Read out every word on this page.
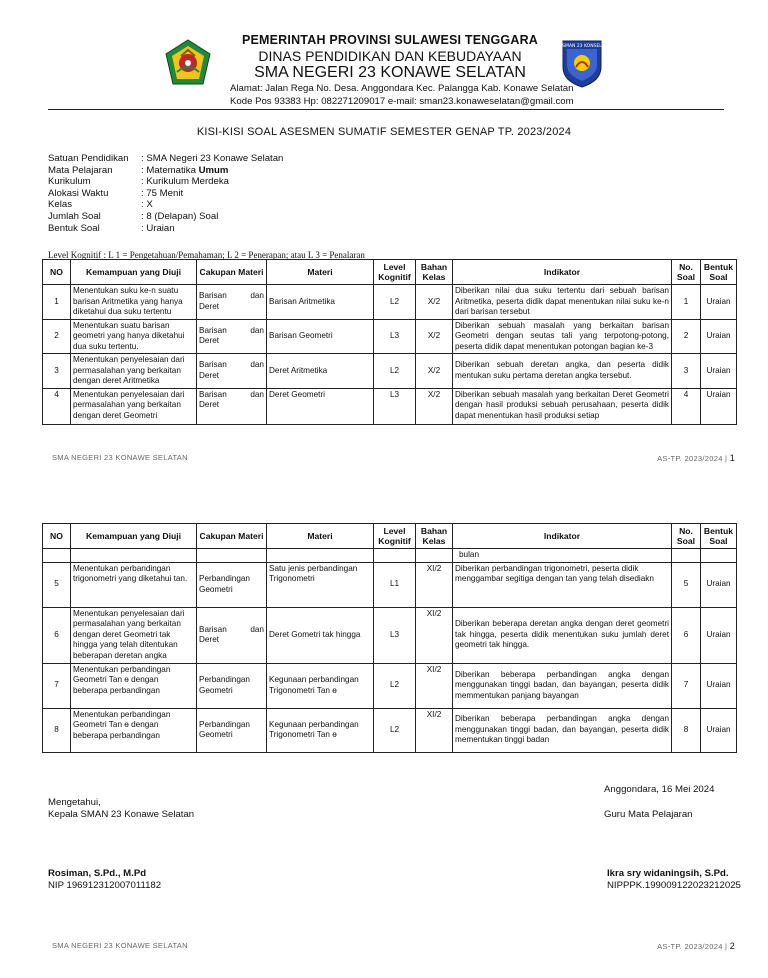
SMAN 23 KONSEL
PEMERINTAH PROVINSI SULAWESI TENGGARA
DINAS PENDIDIKAN DAN KEBUDAYAAN
SMA NEGERI 23 KONAWE SELATAN
Alamat: Jalan Rega No. Desa. Anggondara Kec. Palangga Kab. Konawe Selatan
Kode Pos 93383 Hp: 082271209017 e-mail: sman23.konaweselatan@gmail.com
KISI-KISI SOAL ASESMEN SUMATIF SEMESTER GENAP TP. 2023/2024
Satuan Pendidikan	: SMA Negeri 23 Konawe Selatan
Mata Pelajaran	: Matematika Umum
Kurikulum	: Kurikulum Merdeka
Alokasi Waktu	: 75 Menit
Kelas	: X
Jumlah Soal	: 8 (Delapan) Soal
Bentuk Soal	: Uraian
Level Kognitif : L 1 = Pengetahuan/Pemahaman; L 2 = Penerapan; atau L 3 = Penalaran
NO	Kemampuan yang Diuji	Cakupan Materi	Materi	Level Kognitif	Bahan Kelas	Indikator	No. Soal	Bentuk Soal
1	Menentukan suku ke-n suatu barisan Aritmetika yang hanya diketahui dua suku tertentu	Barisan dan
Deret	Barisan Aritmetika	L2	X/2	Diberikan nilai dua suku tertentu dari sebuah barisan Aritmetika, peserta didik dapat menentukan nilai suku ke-n dari barisan tersebut	1	Uraian
2	Menentukan suatu barisan geometri yang hanya diketahui dua suku tertentu.	Barisan dan
Deret	Barisan Geometri	L3	X/2	Diberikan sebuah masalah yang berkaitan barisan Geometri dengan seutas tali yang terpotong-potong, peserta didik dapat menentukan potongan bagian ke-3	2	Uraian
3	Menentukan penyelesaian dari permasalahan yang berkaitan dengan deret Aritmetika	Barisan dan
Deret	Deret Aritmetika	L2	X/2	Diberikan sebuah deretan angka, dan peserta didik mentukan suku pertama deretan angka tersebut.	3	Uraian
4	Menentukan penyelesaian dari permasalahan yang berkaitan dengan deret Geometri	Barisan dan
Deret	Deret Geometri	L3	X/2	Diberikan sebuah masalah yang berkaitan Deret Geometri dengan hasil produksi sebuah perusahaan, peserta didik dapat menentukan hasil produksi setiap	4	Uraian
SMA NEGERI 23 KONAWE SELATAN	AS-TP. 2023/2024 | 1
NO	Kemampuan yang Diuji	Cakupan Materi	Materi	Level Kognitif	Bahan Kelas	Indikator	No. Soal	Bentuk Soal
						bulan		
5	Menentukan perbandingan trigonometri yang diketahui tan.	Perbandingan Geometri	Satu jenis perbandingan Trigonometri	L1	XI/2	Diberikan perbandingan trigonometri, peserta didik menggambar segitiga dengan tan yang telah disediakn	5	Uraian
6	Menentukan penyelesaian dari permasalahan yang berkaitan dengan deret Geometri tak hingga yang telah ditentukan beberapan deretan angka	Barisan dan
Deret	Deret Gometri tak hingga	L3	XI/2	Diberikan beberapa deretan angka dengan deret geometri tak hingga, peserta didik menentukan suku jumlah deret geometri tak hingga.	6	Uraian
7	Menentukan perbandingan Geometri Tan ɵ dengan beberapa perbandingan	Perbandingan Geometri	Kegunaan perbandingan Trigonometri Tan ɵ	L2	XI/2	Diberikan beberapa perbandingan angka dengan menggunakan tinggi badan, dan bayangan, peserta didik memmentukan panjang bayangan	7	Uraian
8	Menentukan perbandingan Geometri Tan ɵ dengan beberapa perbandingan	Perbandingan Geometri	Kegunaan perbandingan Trigonometri Tan ɵ	L2	XI/2	Diberikan beberapa perbandingan angka dengan menggunakan tinggi badan, dan bayangan, peserta didik mementukan tinggi badan	8	Uraian
Anggondara, 16 Mei 2024
Mengetahui,
Kepala SMAN 23 Konawe Selatan	Guru Mata Pelajaran
Rosiman, S.Pd., M.Pd
NIP 196912312007011182
Ikra sry widaningsih, S.Pd.
NIPPPK.199009122023212025
SMA NEGERI 23 KONAWE SELATAN	AS-TP. 2023/2024 | 2
